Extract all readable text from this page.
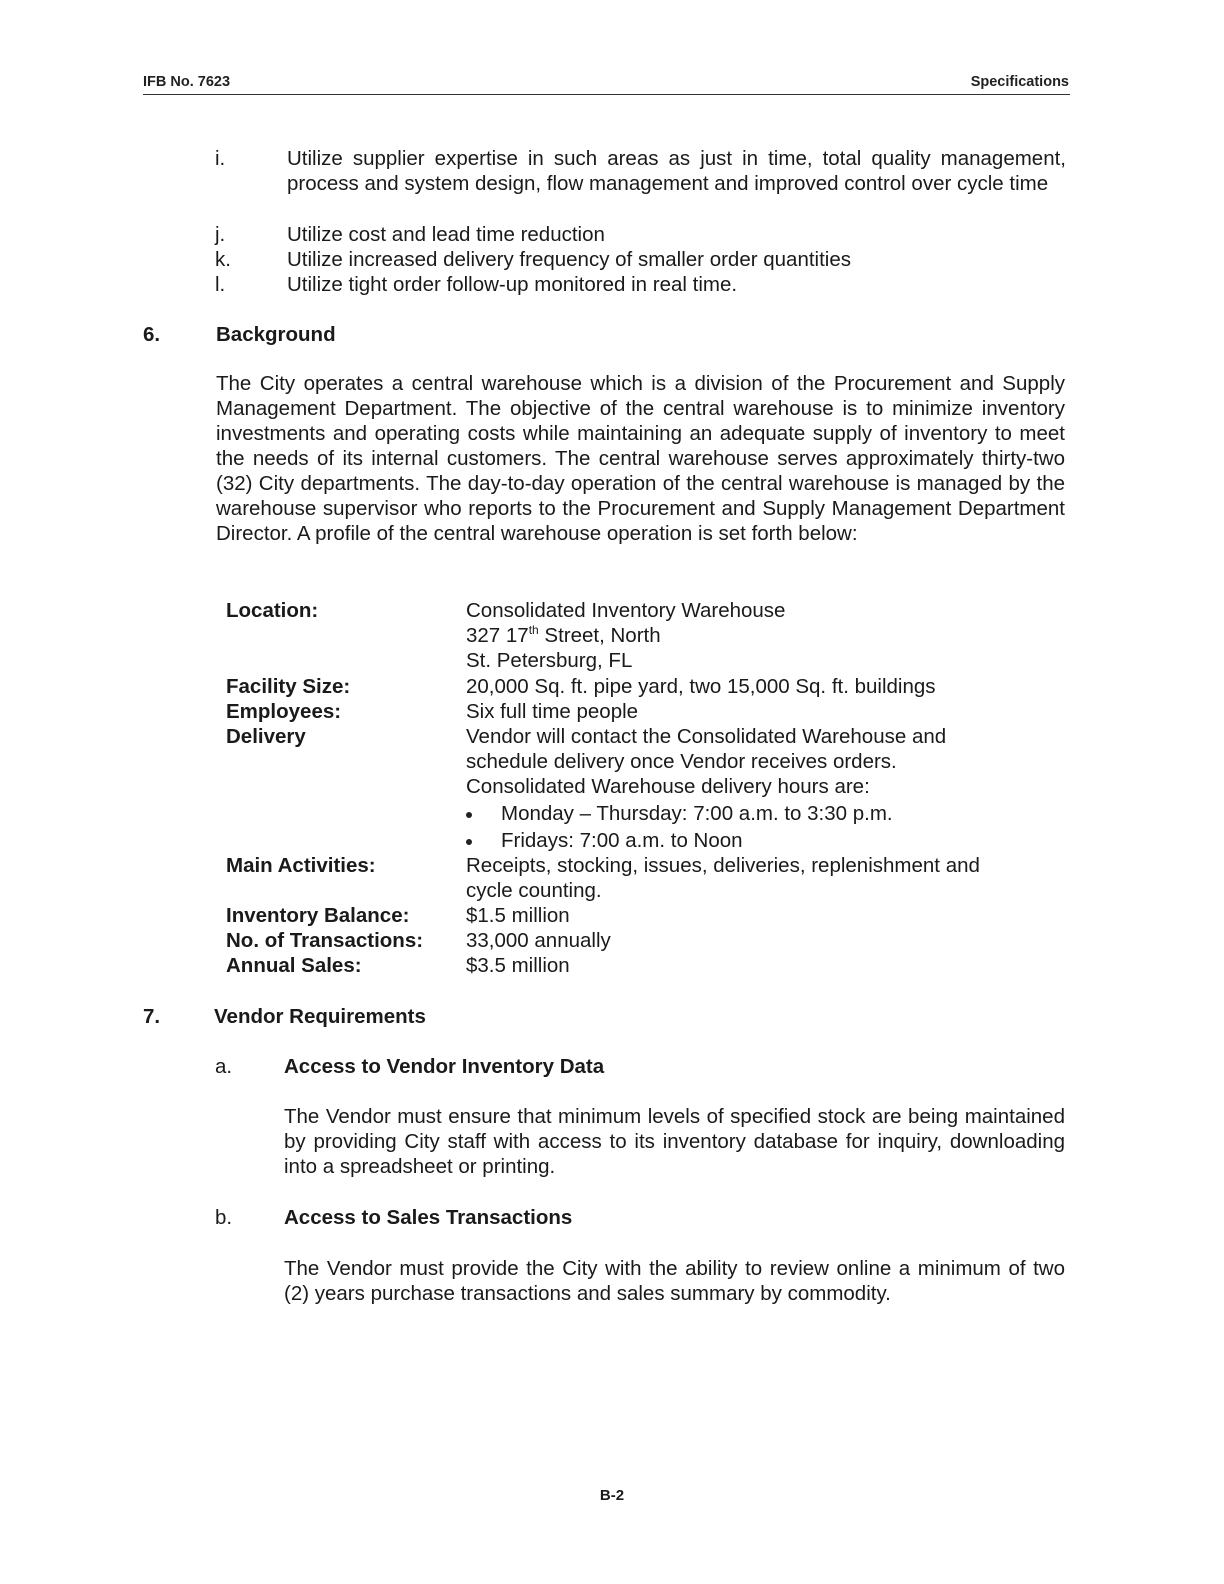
IFB No. 7623	Specifications
i.	Utilize supplier expertise in such areas as just in time, total quality management, process and system design, flow management and improved control over cycle time
j.	Utilize cost and lead time reduction
k.	Utilize increased delivery frequency of smaller order quantities
l.	Utilize tight order follow-up monitored in real time.
6.	Background
The City operates a central warehouse which is a division of the Procurement and Supply Management Department. The objective of the central warehouse is to minimize inventory investments and operating costs while maintaining an adequate supply of inventory to meet the needs of its internal customers. The central warehouse serves approximately thirty-two (32) City departments. The day-to-day operation of the central warehouse is managed by the warehouse supervisor who reports to the Procurement and Supply Management Department Director. A profile of the central warehouse operation is set forth below:
Location:	Consolidated Inventory Warehouse
327 17th Street, North
St. Petersburg, FL
Facility Size:	20,000 Sq. ft. pipe yard, two 15,000 Sq. ft. buildings
Employees:	Six full time people
Delivery	Vendor will contact the Consolidated Warehouse and schedule delivery once Vendor receives orders.
Consolidated Warehouse delivery hours are:
Monday – Thursday: 7:00 a.m. to 3:30 p.m.
Fridays: 7:00 a.m. to Noon
Main Activities:	Receipts, stocking, issues, deliveries, replenishment and cycle counting.
Inventory Balance:	$1.5 million
No. of Transactions: 33,000 annually
Annual Sales:	$3.5 million
7.	Vendor Requirements
a.	Access to Vendor Inventory Data
The Vendor must ensure that minimum levels of specified stock are being maintained by providing City staff with access to its inventory database for inquiry, downloading into a spreadsheet or printing.
b.	Access to Sales Transactions
The Vendor must provide the City with the ability to review online a minimum of two (2) years purchase transactions and sales summary by commodity.
B-2
